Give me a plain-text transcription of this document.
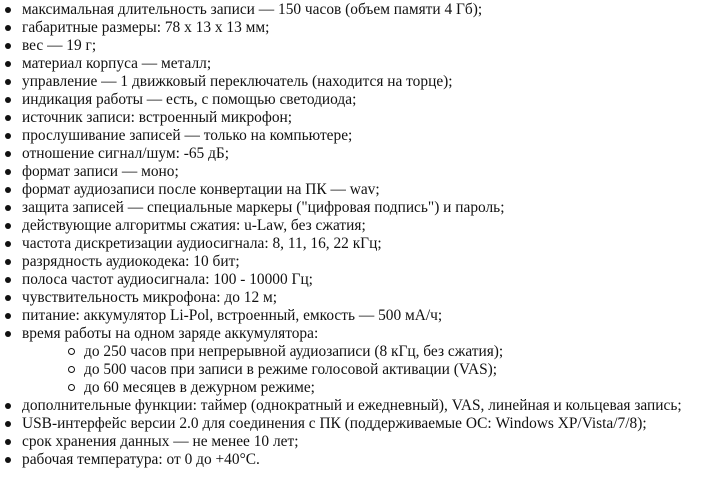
максимальная длительность записи — 150 часов (объем памяти 4 Гб);
габаритные размеры: 78 x 13 x 13 мм;
вес — 19 г;
материал корпуса — металл;
управление — 1 движковый переключатель (находится на торце);
индикация работы — есть, с помощью светодиода;
источник записи: встроенный микрофон;
прослушивание записей — только на компьютере;
отношение сигнал/шум: -65 дБ;
формат записи — моно;
формат аудиозаписи после конвертации на ПК — wav;
защита записей — специальные маркеры ("цифровая подпись") и пароль;
действующие алгоритмы сжатия: u-Law, без сжатия;
частота дискретизации аудиосигнала: 8, 11, 16, 22 кГц;
разрядность аудиокодека: 10 бит;
полоса частот аудиосигнала: 100 - 10000 Гц;
чувствительность микрофона: до 12 м;
питание: аккумулятор Li-Pol, встроенный, емкость — 500 мА/ч;
время работы на одном заряде аккумулятора:
до 250 часов при непрерывной аудиозаписи (8 кГц, без сжатия);
до 500 часов при записи в режиме голосовой активации (VAS);
до 60 месяцев в дежурном режиме;
дополнительные функции: таймер (однократный и ежедневный), VAS, линейная и кольцевая запись;
USB-интерфейс версии 2.0 для соединения с ПК (поддерживаемые ОС: Windows XP/Vista/7/8);
срок хранения данных — не менее 10 лет;
рабочая температура: от 0 до +40°С.
